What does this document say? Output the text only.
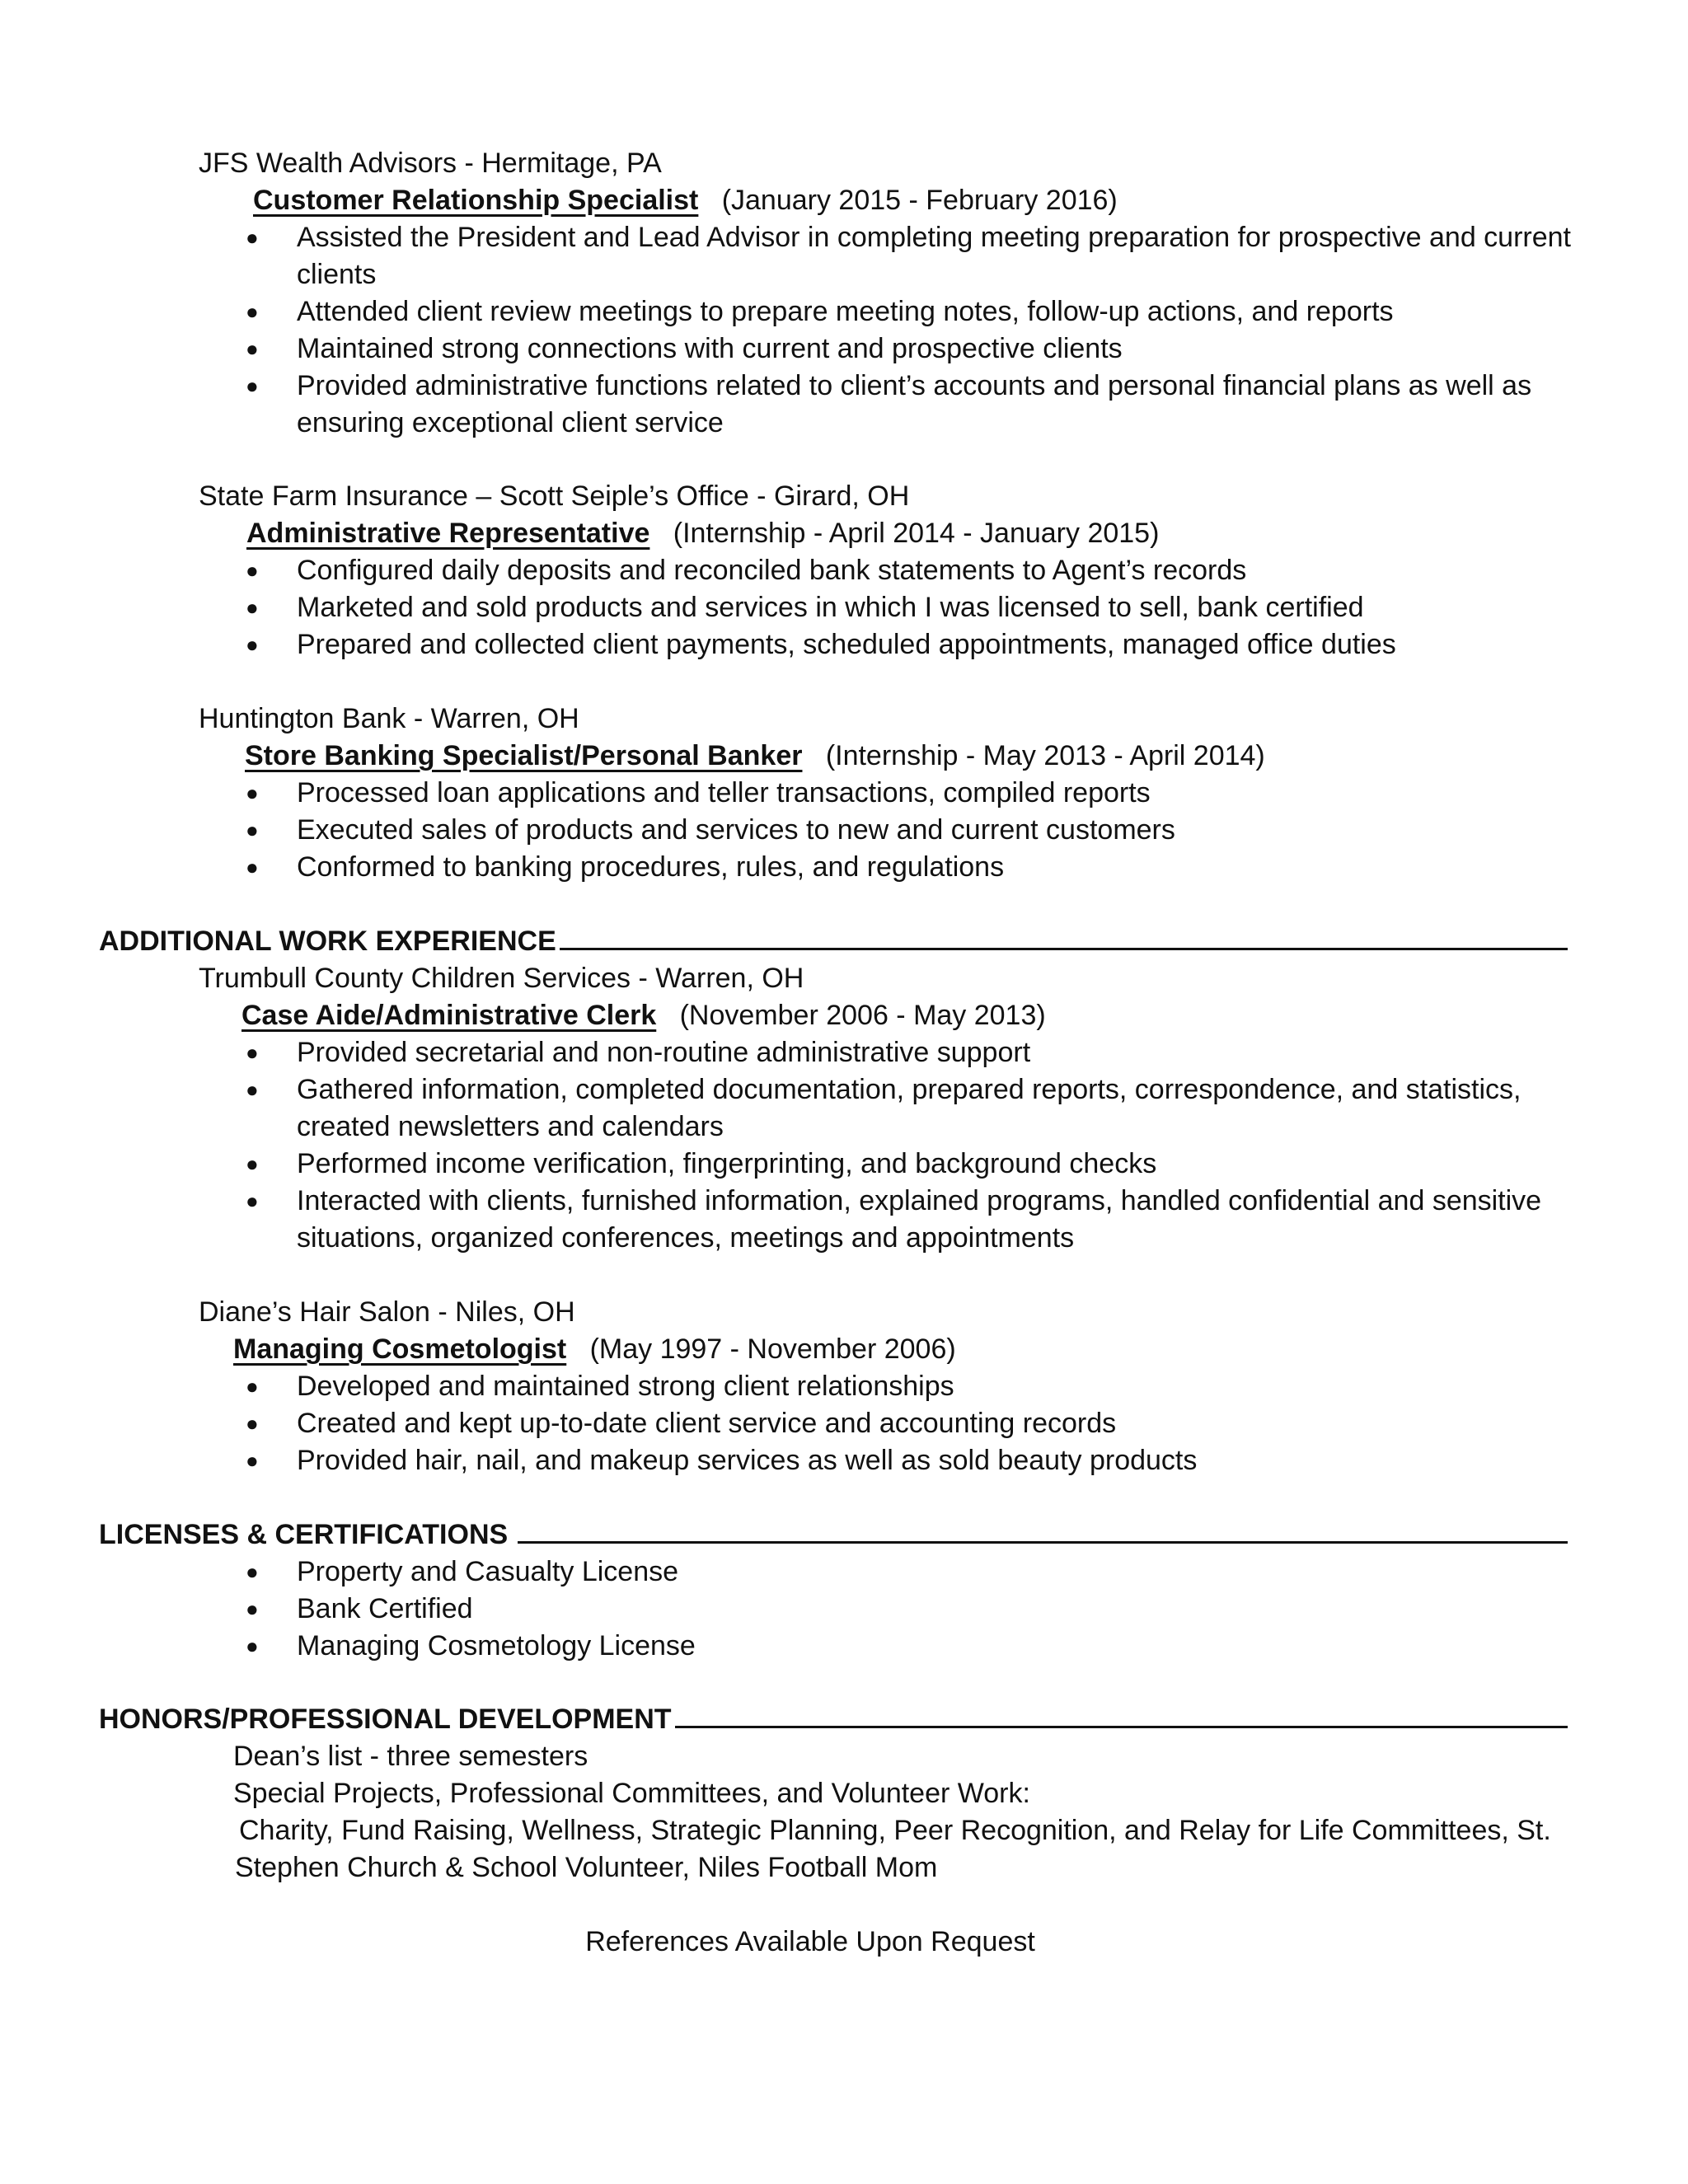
JFS Wealth Advisors - Hermitage, PA
Customer Relationship Specialist (January 2015 - February 2016)
● Assisted the President and Lead Advisor in completing meeting preparation for prospective and current clients
● Attended client review meetings to prepare meeting notes, follow-up actions, and reports
● Maintained strong connections with current and prospective clients
● Provided administrative functions related to client’s accounts and personal financial plans as well as ensuring exceptional client service
State Farm Insurance – Scott Seiple’s Office - Girard, OH
Administrative Representative (Internship - April 2014 - January 2015)
● Configured daily deposits and reconciled bank statements to Agent’s records
● Marketed and sold products and services in which I was licensed to sell, bank certified
● Prepared and collected client payments, scheduled appointments, managed office duties
Huntington Bank - Warren, OH
Store Banking Specialist/Personal Banker (Internship - May 2013 - April 2014)
● Processed loan applications and teller transactions, compiled reports
● Executed sales of products and services to new and current customers
● Conformed to banking procedures, rules, and regulations
ADDITIONAL WORK EXPERIENCE
Trumbull County Children Services - Warren, OH
Case Aide/Administrative Clerk (November 2006 - May 2013)
● Provided secretarial and non-routine administrative support
● Gathered information, completed documentation, prepared reports, correspondence, and statistics, created newsletters and calendars
● Performed income verification, fingerprinting, and background checks
● Interacted with clients, furnished information, explained programs, handled confidential and sensitive situations, organized conferences, meetings and appointments
Diane’s Hair Salon - Niles, OH
Managing Cosmetologist (May 1997 - November 2006)
● Developed and maintained strong client relationships
● Created and kept up-to-date client service and accounting records
● Provided hair, nail, and makeup services as well as sold beauty products
LICENSES & CERTIFICATIONS
● Property and Casualty License
● Bank Certified
● Managing Cosmetology License
HONORS/PROFESSIONAL DEVELOPMENT
Dean’s list - three semesters
Special Projects, Professional Committees, and Volunteer Work:
Charity, Fund Raising, Wellness, Strategic Planning, Peer Recognition, and Relay for Life Committees, St.
Stephen Church & School Volunteer, Niles Football Mom
References Available Upon Request
